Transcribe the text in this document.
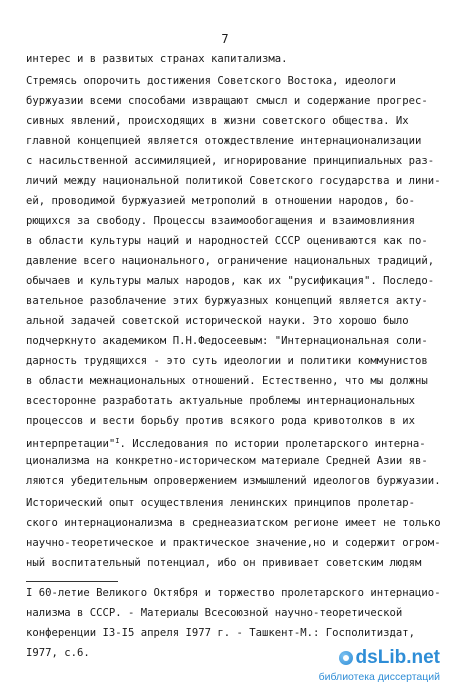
7
интерес и в развитых странах капитализма.
Стремясь опорочить достижения Советского Востока, идеологи
буржуазии всеми способами извращают смысл и содержание прогрес-
сивных явлений, происходящих в жизни советского общества. Их
главной концепцией является отождествление интернационализации
с насильственной ассимиляцией, игнорирование принципиальных раз-
личий между национальной политикой Советского государства и лини-
ей, проводимой буржуазией метрополий в отношении народов, бо-
рющихся за свободу. Процессы взаимообогащения и взаимовлияния
в области культуры наций и народностей СССР оцениваются как по-
давление всего национального, ограничение национальных традиций,
обычаев и культуры малых народов, как их "русификация". Последо-
вательное разоблачение этих буржуазных концепций является акту-
альной задачей советской исторической науки. Это хорошо было
подчеркнуто академиком П.Н.Федосеевым: "Интернациональная соли-
дарность трудящихся - это суть идеологии и политики коммунистов
в области межнациональных отношений. Естественно, что мы должны
всесторонне разработать актуальные проблемы интернациональных
процессов и вести борьбу против всякого рода кривотолков в их
интерпретации"$^I$. Исследования по истории пролетарского интерна-
ционализма на конкретно-историческом материале Средней Азии яв-
ляются убедительным опровержением измышлений идеологов буржуазии.
Исторический опыт осуществления ленинских принципов пролетар-
ского интернационализма в среднеазиатском регионе имеет не только
научно-теоретическое и практическое значение,но и содержит огром-
ный воспитательный потенциал, ибо он прививает советским людям
I 60-летие Великого Октября и торжество пролетарского интернацио-
нализма в СССР. - Материалы Всесоюзной научно-теоретической
конференции I3-I5 апреля I977 г. - Ташкент-М.: Госполитиздат,
I977, с.6.	dsLib.net
библиотека диссертаций
